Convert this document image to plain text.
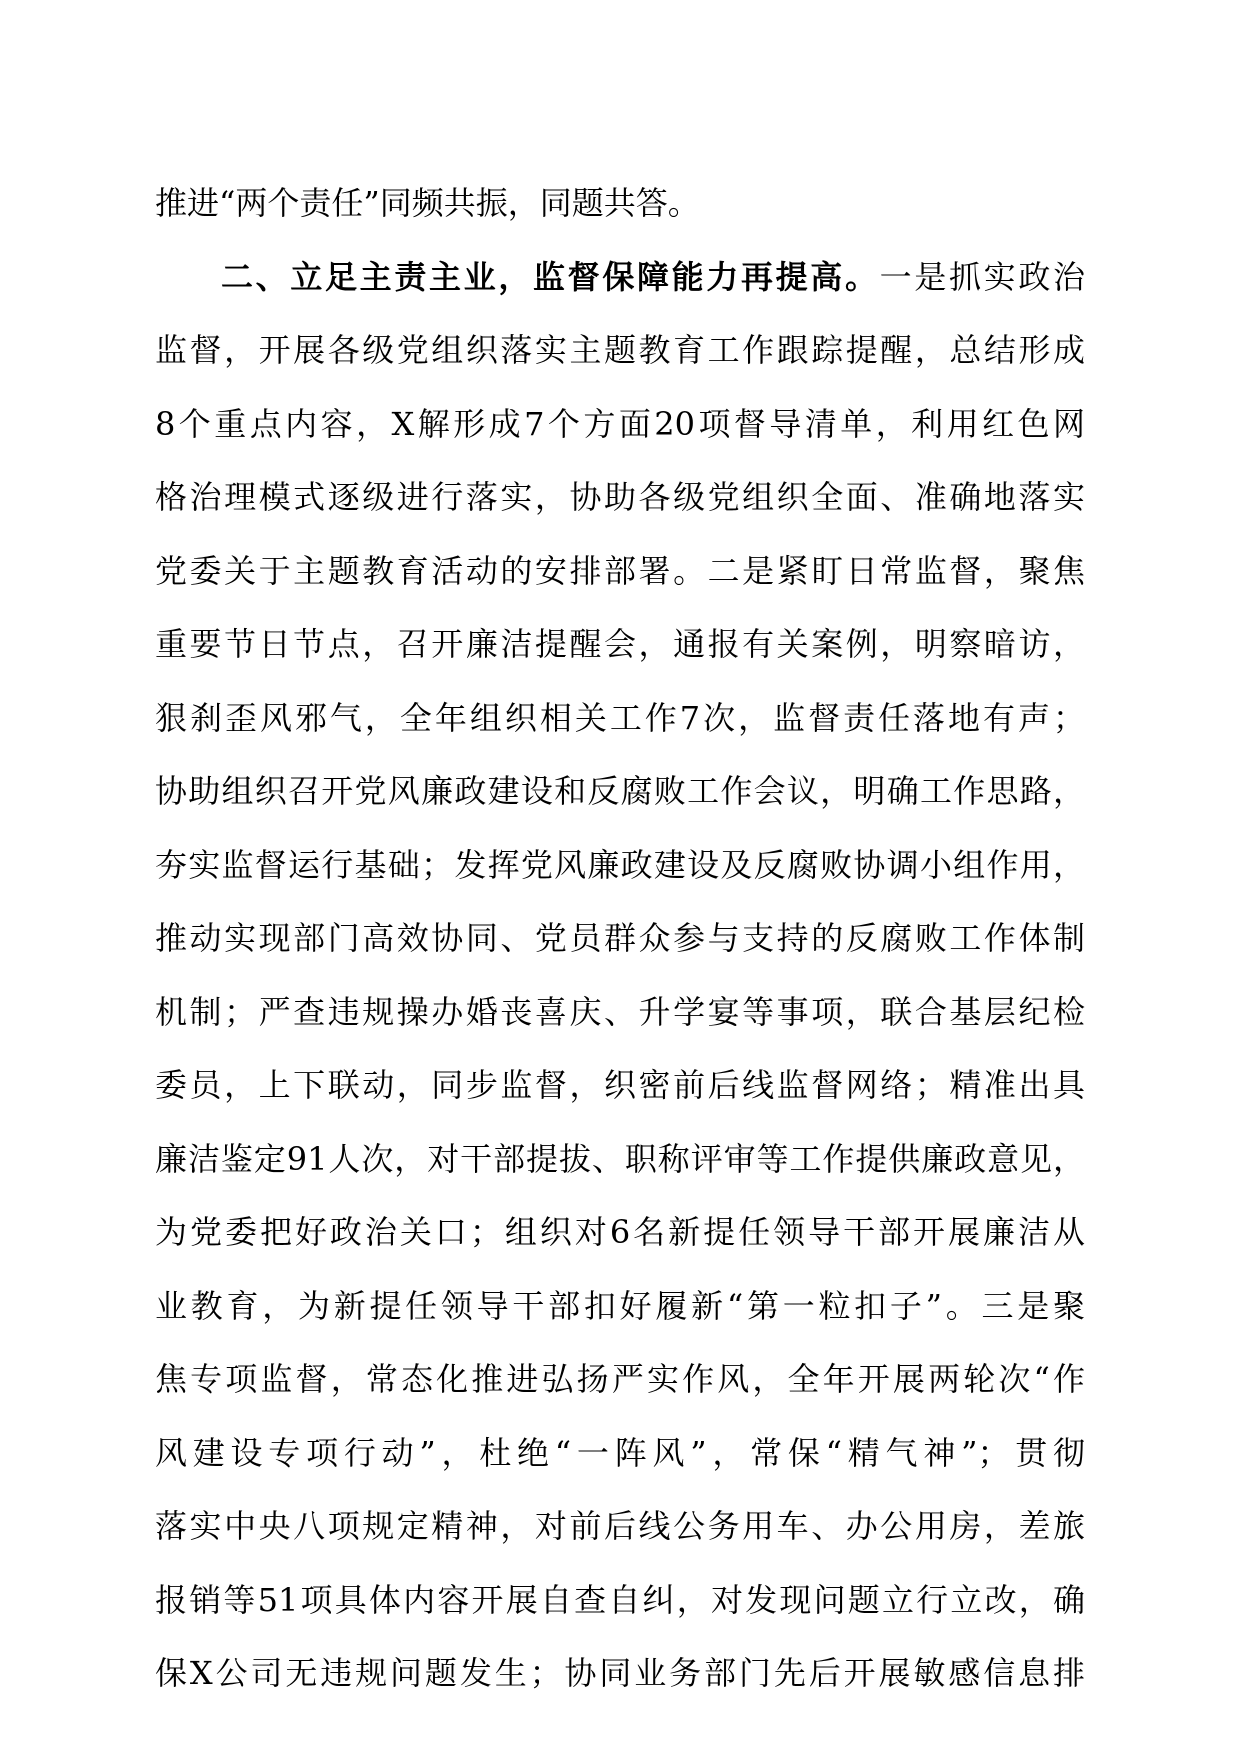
推进“两个责任”同频共振，同题共答。
二、立足主责主业，监督保障能力再提高。一是抓实政治
监督，开展各级党组织落实主题教育工作跟踪提醒，总结形成
8个重点内容，X解形成7个方面20项督导清单，利用红色网
格治理模式逐级进行落实，协助各级党组织全面、准确地落实
党委关于主题教育活动的安排部署。二是紧盯日常监督，聚焦
重要节日节点，召开廉洁提醒会，通报有关案例，明察暗访，
狠刹歪风邪气，全年组织相关工作7次，监督责任落地有声；
协助组织召开党风廉政建设和反腐败工作会议，明确工作思路，
夯实监督运行基础；发挥党风廉政建设及反腐败协调小组作用，
推动实现部门高效协同、党员群众参与支持的反腐败工作体制
机制；严查违规操办婚丧喜庆、升学宴等事项，联合基层纪检
委员，上下联动，同步监督，织密前后线监督网络；精准出具
廉洁鉴定91人次，对干部提拔、职称评审等工作提供廉政意见，
为党委把好政治关口；组织对6名新提任领导干部开展廉洁从
业教育，为新提任领导干部扣好履新“第一粒扣子”。三是聚
焦专项监督，常态化推进弘扬严实作风，全年开展两轮次“作
风建设专项行动”，杜绝“一阵风”，常保“精气神”；贯彻
落实中央八项规定精神，对前后线公务用车、办公用房，差旅
报销等51项具体内容开展自查自纠，对发现问题立行立改，确
保X公司无违规问题发生；协同业务部门先后开展敏感信息排
